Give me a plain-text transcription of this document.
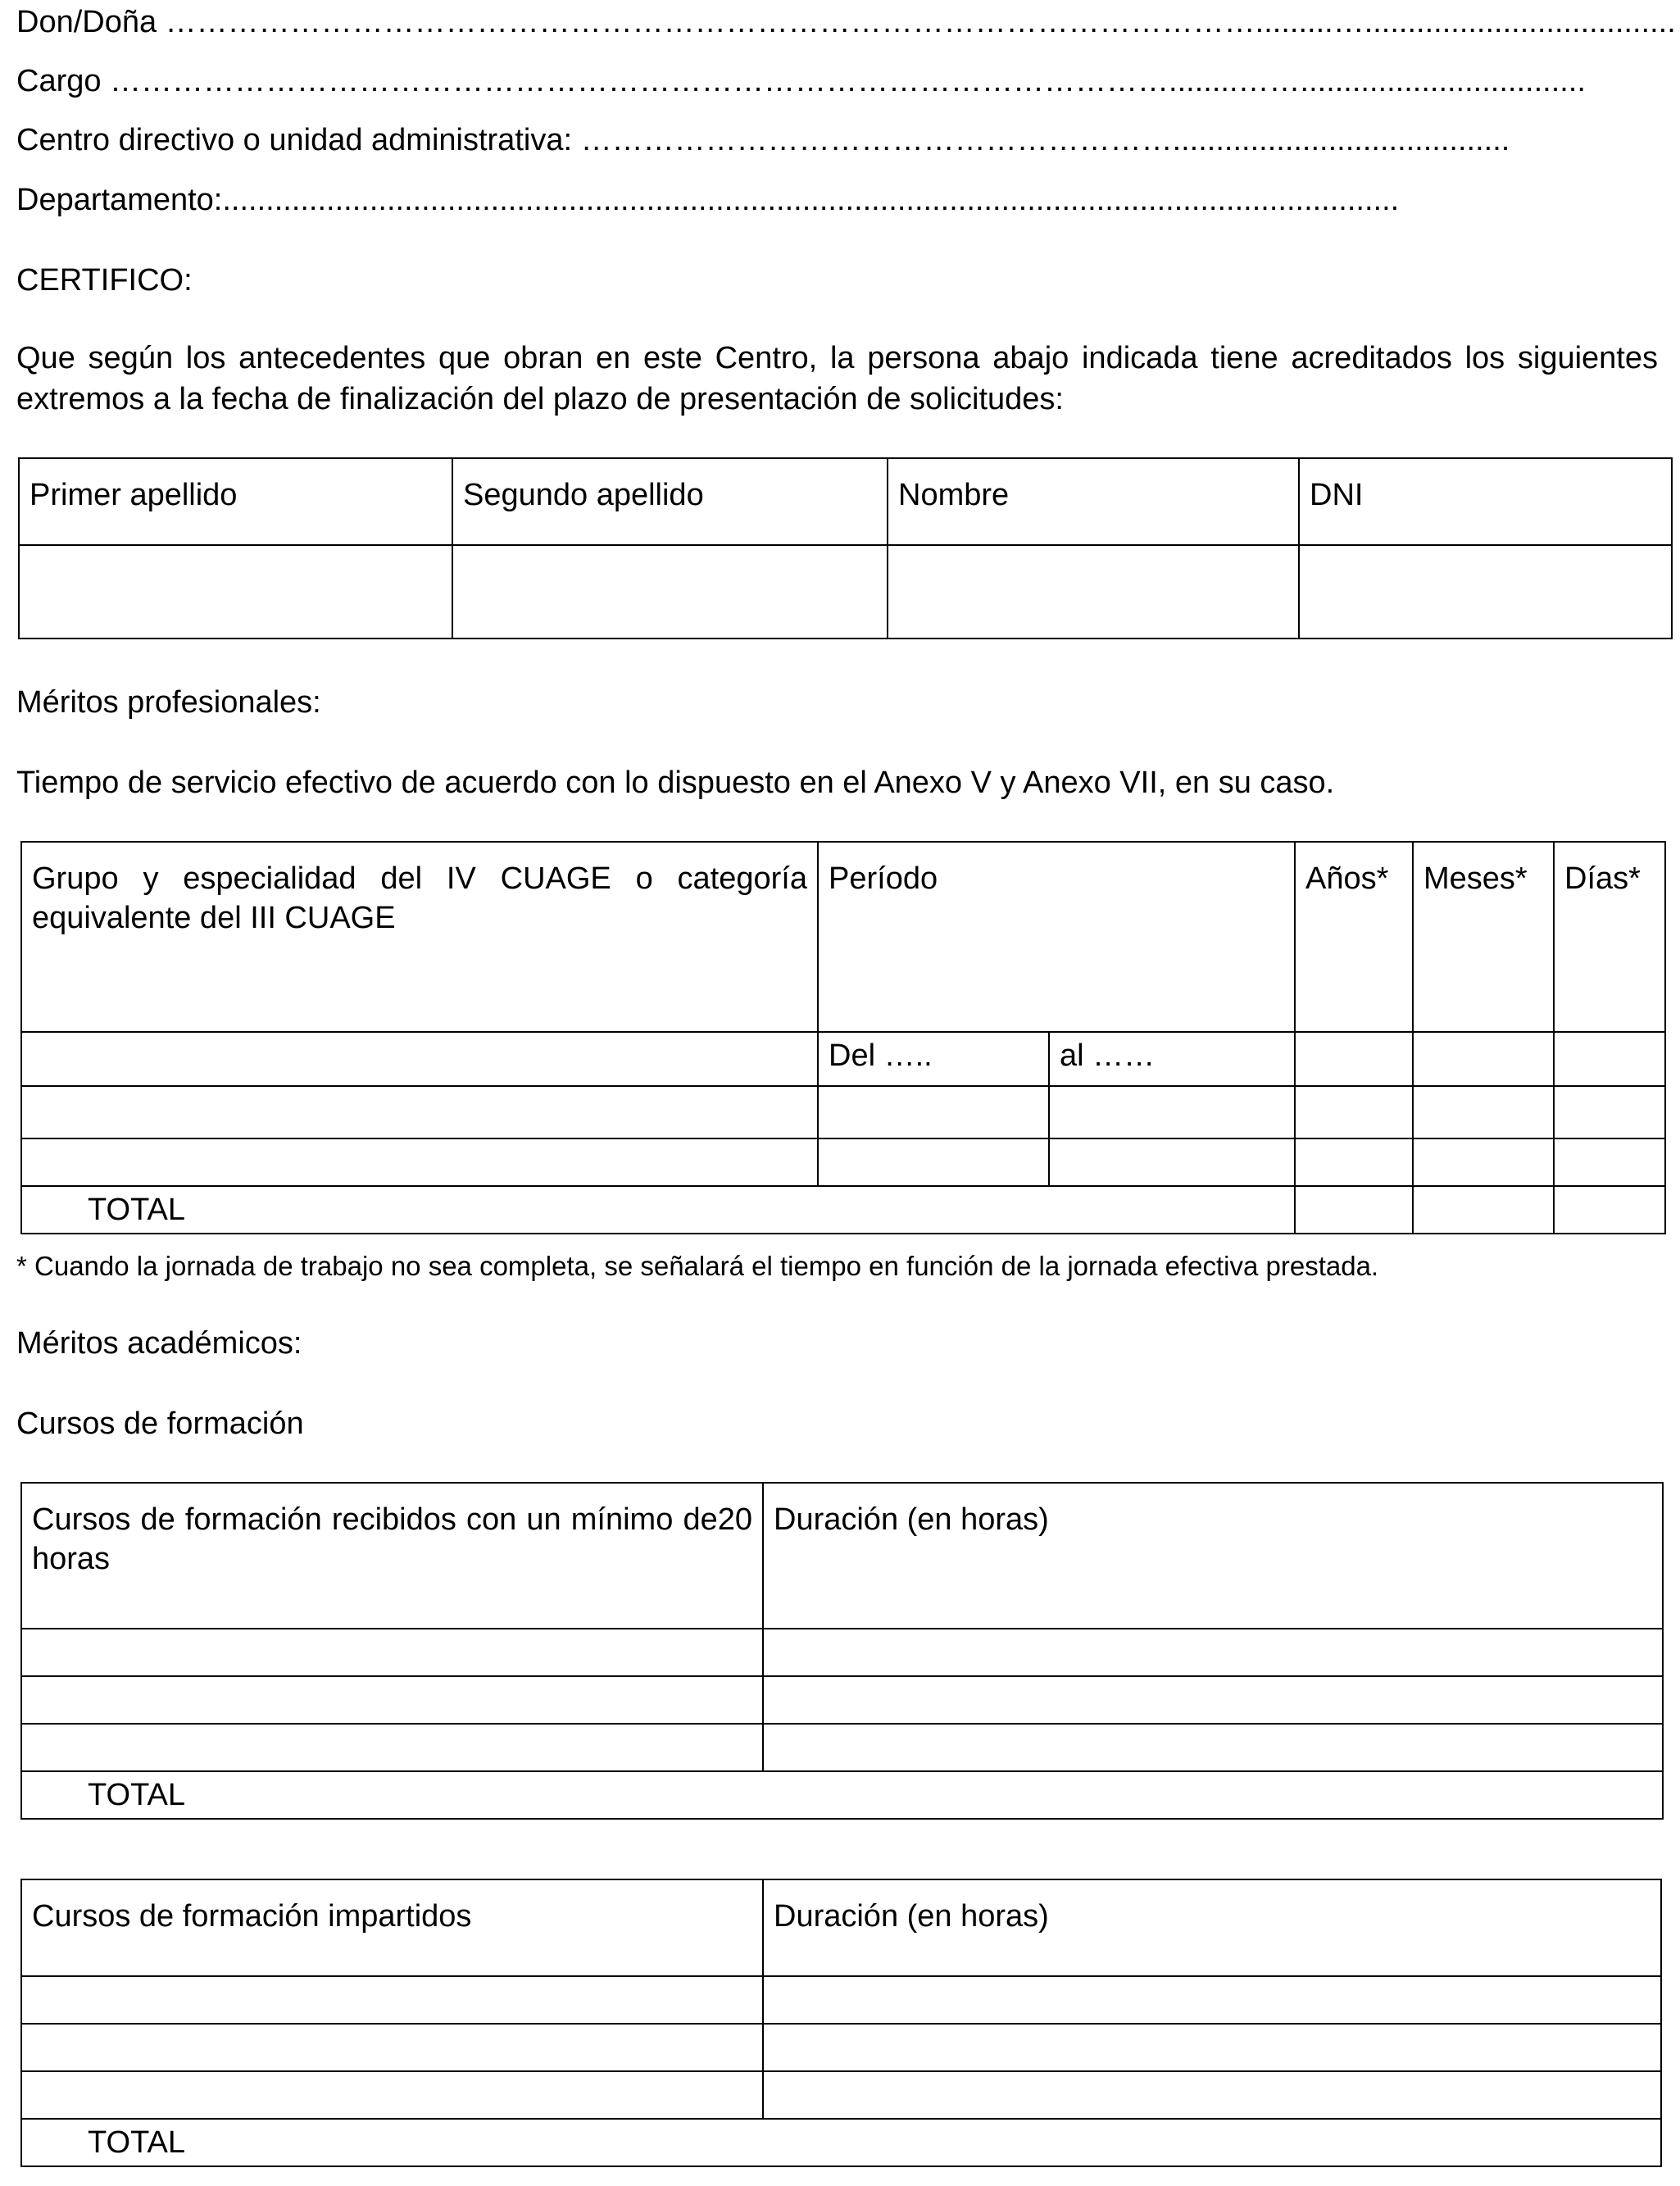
Don/Doña …………………………………………………………………………………………….........…....................................
Cargo …………………………………………………………………………………………........…….................................
Centro directivo o unidad administrativa: ………………………………………………….......................................
Departamento:........................................................................................................................................
CERTIFICO:
Que según los antecedentes que obran en este Centro, la persona abajo indicada tiene acreditados los siguientes extremos a la fecha de finalización del plazo de presentación de solicitudes:
Primer apellido	Segundo apellido	Nombre	DNI

Méritos profesionales:
Tiempo de servicio efectivo de acuerdo con lo dispuesto en el Anexo V y Anexo VII, en su caso.
Grupo y especialidad del IV CUAGE o categoría equivalente del III CUAGE	Período		Años*	Meses*	Días*
	Del …..	al ……			

TOTAL					
* Cuando la jornada de trabajo no sea completa, se señalará el tiempo en función de la jornada efectiva prestada.
Méritos académicos:
Cursos de formación
Cursos de formación recibidos con un mínimo de20 horas	Duración (en horas)

TOTAL	
Cursos de formación impartidos	Duración (en horas)

TOTAL	
